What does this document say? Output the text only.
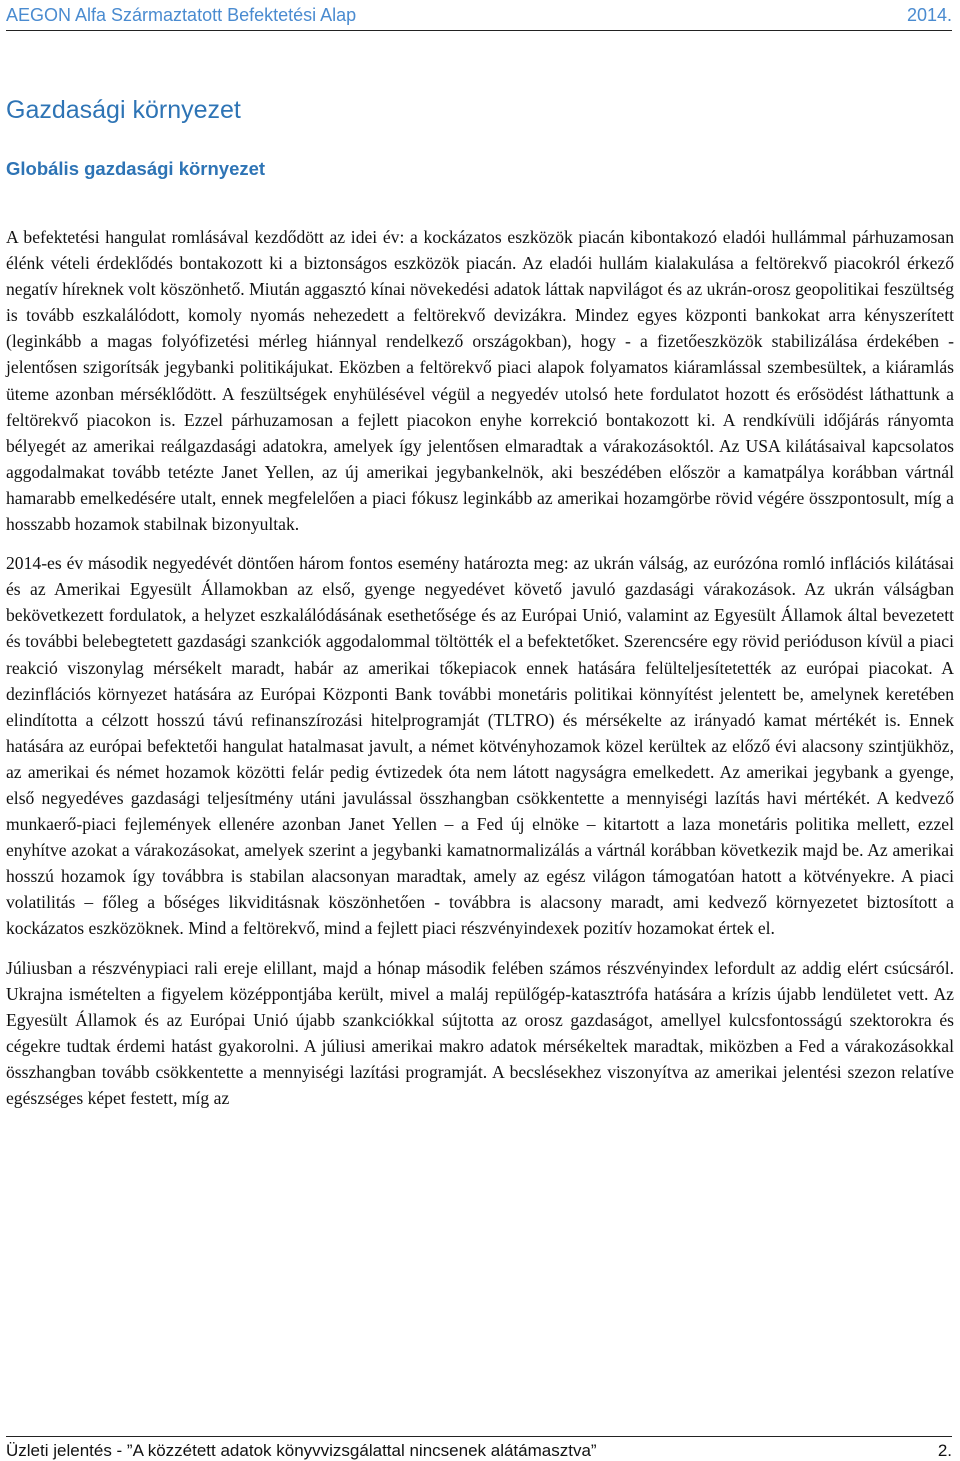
AEGON Alfa Származtatott Befektetési Alap	2014.
Gazdasági környezet
Globális gazdasági környezet

A befektetési hangulat romlásával kezdődött az idei év: a kockázatos eszközök piacán kibontakozó eladói hullámmal párhuzamosan élénk vételi érdeklődés bontakozott ki a biztonságos eszközök piacán. Az eladói hullám kialakulása a feltörekvő piacokról érkező negatív híreknek volt köszönhető. Miután aggasztó kínai növekedési adatok láttak napvilágot és az ukrán-orosz geopolitikai feszültség is tovább eszkalálódott, komoly nyomás nehezedett a feltörekvő devizákra. Mindez egyes központi bankokat arra kényszerített (leginkább a magas folyófizetési mérleg hiánnyal rendelkező országokban), hogy - a fizetőeszközök stabilizálása érdekében - jelentősen szigorítsák jegybanki politikájukat. Eközben a feltörekvő piaci alapok folyamatos kiáramlással szembesültek, a kiáramlás üteme azonban mérséklődött. A feszültségek enyhülésével végül a negyedév utolsó hete fordulatot hozott és erősödést láthattunk a feltörekvő piacokon is. Ezzel párhuzamosan a fejlett piacokon enyhe korrekció bontakozott ki. A rendkívüli időjárás rányomta bélyegét az amerikai reálgazdasági adatokra, amelyek így jelentősen elmaradtak a várakozásoktól. Az USA kilátásaival kapcsolatos aggodalmakat tovább tetézte Janet Yellen, az új amerikai jegybankelnök, aki beszédében először a kamatpálya korábban vártnál hamarabb emelkedésére utalt, ennek megfelelően a piaci fókusz leginkább az amerikai hozamgörbe rövid végére összpontosult, míg a hosszabb hozamok stabilnak bizonyultak.

2014-es év második negyedévét döntően három fontos esemény határozta meg: az ukrán válság, az eurózóna romló inflációs kilátásai és az Amerikai Egyesült Államokban az első, gyenge negyedévet követő javuló gazdasági várakozások. Az ukrán válságban bekövetkezett fordulatok, a helyzet eszkalálódásának esethetősége és az Európai Unió, valamint az Egyesült Államok által bevezetett és további belebegtetett gazdasági szankciók aggodalommal töltötték el a befektetőket. Szerencsére egy rövid perióduson kívül a piaci reakció viszonylag mérsékelt maradt, habár az amerikai tőkepiacok ennek hatására felülteljesítetették az európai piacokat. A dezinflációs környezet hatására az Európai Központi Bank további monetáris politikai könnyítést jelentett be, amelynek keretében elindította a célzott hosszú távú refinanszírozási hitelprogramját (TLTRO) és mérsékelte az irányadó kamat mértékét is. Ennek hatására az európai befektetői hangulat hatalmasat javult, a német kötvényhozamok közel kerültek az előző évi alacsony szintjükhöz, az amerikai és német hozamok közötti felár pedig évtizedek óta nem látott nagyságra emelkedett. Az amerikai jegybank a gyenge, első negyedéves gazdasági teljesítmény utáni javulással összhangban csökkentette a mennyiségi lazítás havi mértékét. A kedvező munkaerő-piaci fejlemények ellenére azonban Janet Yellen – a Fed új elnöke – kitartott a laza monetáris politika mellett, ezzel enyhítve azokat a várakozásokat, amelyek szerint a jegybanki kamatnormalizálás a vártnál korábban következik majd be. Az amerikai hosszú hozamok így továbbra is stabilan alacsonyan maradtak, amely az egész világon támogatóan hatott a kötvényekre. A piaci volatilitás – főleg a bőséges likviditásnak köszönhetően - továbbra is alacsony maradt, ami kedvező környezetet biztosított a kockázatos eszközöknek. Mind a feltörekvő, mind a fejlett piaci részvényindexek pozitív hozamokat értek el.

Júliusban a részvénypiaci rali ereje elillant, majd a hónap második felében számos részvényindex lefordult az addig elért csúcsáról. Ukrajna ismételten a figyelem középpontjába került, mivel a maláj repülőgép-katasztrófa hatására a krízis újabb lendületet vett. Az Egyesült Államok és az Európai Unió újabb szankciókkal sújtotta az orosz gazdaságot, amellyel kulcsfontosságú szektorokra és cégekre tudtak érdemi hatást gyakorolni. A júliusi amerikai makro adatok mérsékeltek maradtak, miközben a Fed a várakozásokkal összhangban tovább csökkentette a mennyiségi lazítási programját. A becslésekhez viszonyítva az amerikai jelentési szezon relatíve egészséges képet festett, míg az

Üzleti jelentés - ”A közzétett adatok könyvvizsgálattal nincsenek alátámasztva”	2.
